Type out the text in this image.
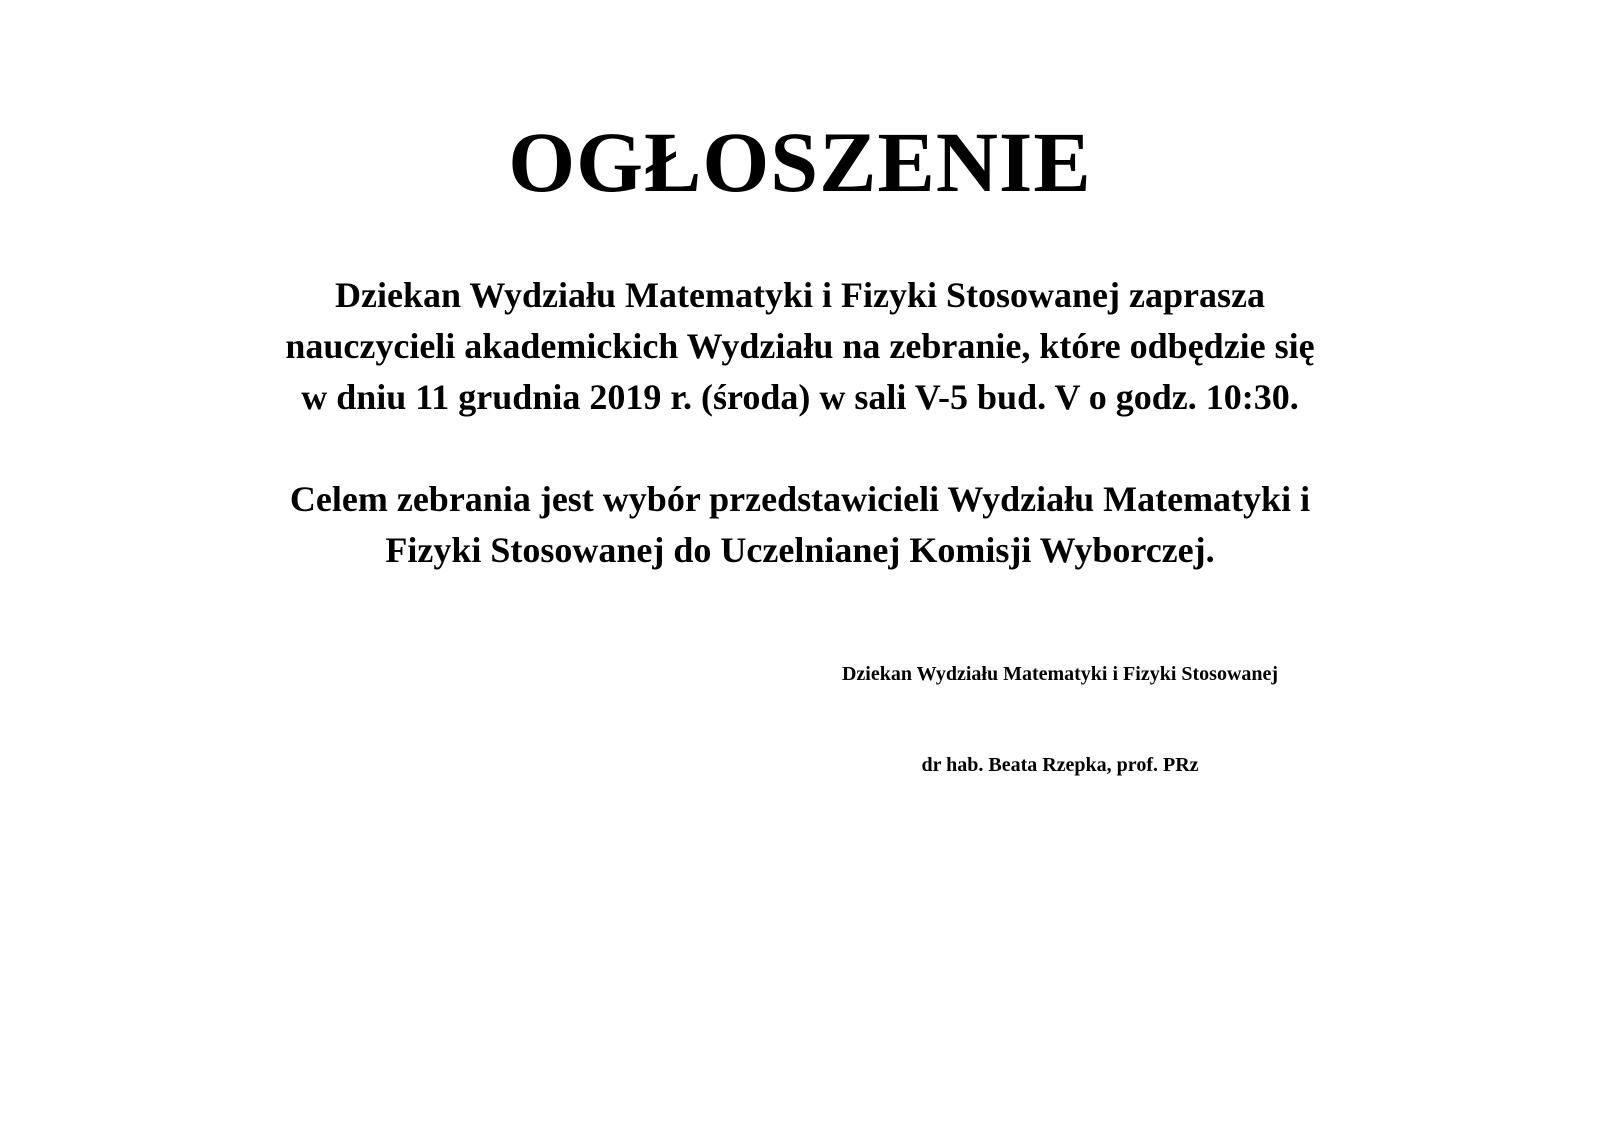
OGŁOSZENIE
Dziekan Wydziału Matematyki i Fizyki Stosowanej zaprasza
nauczycieli akademickich Wydziału na zebranie, które odbędzie się
w dniu 11 grudnia 2019 r. (środa) w sali V-5 bud. V o godz. 10:30.
Celem zebrania jest wybór przedstawicieli Wydziału Matematyki i
Fizyki Stosowanej do Uczelnianej Komisji Wyborczej.
Dziekan Wydziału Matematyki i Fizyki Stosowanej
dr hab. Beata Rzepka, prof. PRz
